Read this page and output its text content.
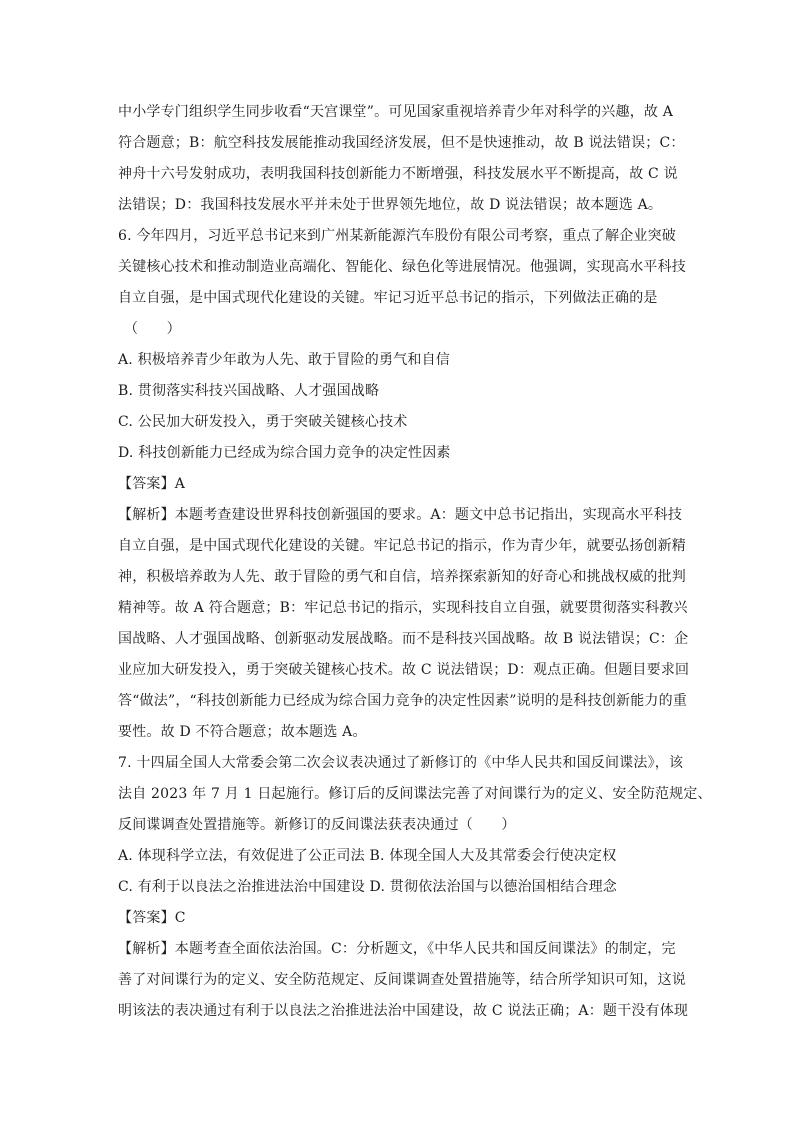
中小学专门组织学生同步收看“天宫课堂”。可见国家重视培养青少年对科学的兴趣，故 A
符合题意；B：航空科技发展能推动我国经济发展，但不是快速推动，故 B 说法错误；C：
神舟十六号发射成功，表明我国科技创新能力不断增强，科技发展水平不断提高，故 C 说
法错误；D：我国科技发展水平并未处于世界领先地位，故 D 说法错误；故本题选 A。
6. 今年四月，习近平总书记来到广州某新能源汽车股份有限公司考察，重点了解企业突破
关键核心技术和推动制造业高端化、智能化、绿色化等进展情况。他强调，实现高水平科技
自立自强，是中国式现代化建设的关键。牢记习近平总书记的指示，下列做法正确的是
（　　）
A. 积极培养青少年敢为人先、敢于冒险的勇气和自信
B. 贯彻落实科技兴国战略、人才强国战略
C. 公民加大研发投入，勇于突破关键核心技术
D. 科技创新能力已经成为综合国力竞争的决定性因素
【答案】A
【解析】本题考查建设世界科技创新强国的要求。A：题文中总书记指出，实现高水平科技
自立自强，是中国式现代化建设的关键。牢记总书记的指示，作为青少年，就要弘扬创新精
神，积极培养敢为人先、敢于冒险的勇气和自信，培养探索新知的好奇心和挑战权威的批判
精神等。故 A 符合题意；B：牢记总书记的指示，实现科技自立自强，就要贯彻落实科教兴
国战略、人才强国战略、创新驱动发展战略。而不是科技兴国战略。故 B 说法错误；C：企
业应加大研发投入，勇于突破关键核心技术。故 C 说法错误；D：观点正确。但题目要求回
答“做法”，“科技创新能力已经成为综合国力竞争的决定性因素”说明的是科技创新能力的重
要性。故 D 不符合题意；故本题选 A。
7. 十四届全国人大常委会第二次会议表决通过了新修订的《中华人民共和国反间谍法》，该
法自 2023 年 7 月 1 日起施行。修订后的反间谍法完善了对间谍行为的定义、安全防范规定、
反间谍调查处置措施等。新修订的反间谍法获表决通过（　　）
A. 体现科学立法，有效促进了公正司法 B. 体现全国人大及其常委会行使决定权
C. 有利于以良法之治推进法治中国建设 D. 贯彻依法治国与以德治国相结合理念
【答案】C
【解析】本题考查全面依法治国。C：分析题文，《中华人民共和国反间谍法》的制定，完
善了对间谍行为的定义、安全防范规定、反间谍调查处置措施等，结合所学知识可知，这说
明该法的表决通过有利于以良法之治推进法治中国建设，故 C 说法正确；A：题干没有体现
